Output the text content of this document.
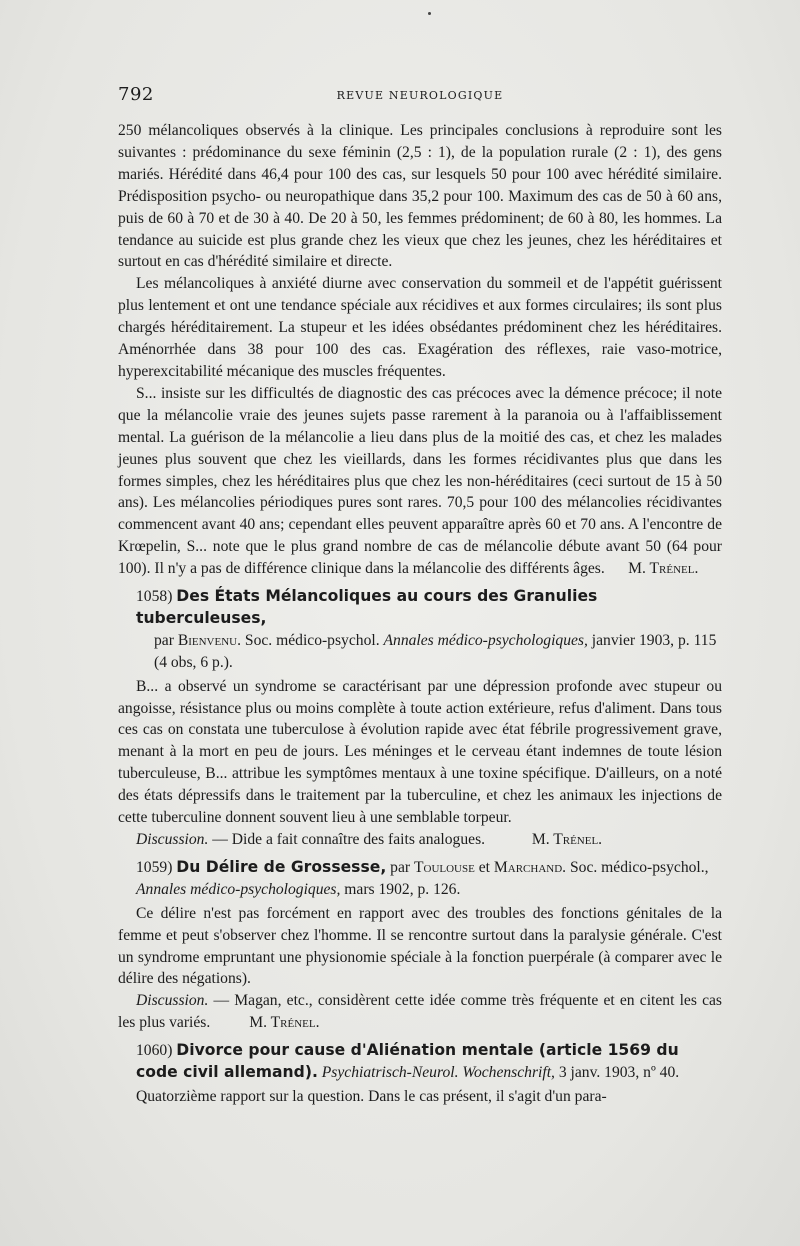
792	REVUE NEUROLOGIQUE

250 mélancoliques observés à la clinique. Les principales conclusions à reproduire sont les suivantes : prédominance du sexe féminin (2,5 : 1), de la population rurale (2 : 1), des gens mariés. Hérédité dans 46,4 pour 100 des cas, sur lesquels 50 pour 100 avec hérédité similaire. Prédisposition psycho- ou neuropathique dans 35,2 pour 100. Maximum des cas de 50 à 60 ans, puis de 60 à 70 et de 30 à 40. De 20 à 50, les femmes prédominent; de 60 à 80, les hommes. La tendance au suicide est plus grande chez les vieux que chez les jeunes, chez les héréditaires et surtout en cas d'hérédité similaire et directe.

Les mélancoliques à anxiété diurne avec conservation du sommeil et de l'appétit guérissent plus lentement et ont une tendance spéciale aux récidives et aux formes circulaires; ils sont plus chargés héréditairement. La stupeur et les idées obsédantes prédominent chez les héréditaires. Aménorrhée dans 38 pour 100 des cas. Exagération des réflexes, raie vaso-motrice, hyperexcitabilité mécanique des muscles fréquentes.

S... insiste sur les difficultés de diagnostic des cas précoces avec la démence précoce; il note que la mélancolie vraie des jeunes sujets passe rarement à la paranoia ou à l'affaiblissement mental. La guérison de la mélancolie a lieu dans plus de la moitié des cas, et chez les malades jeunes plus souvent que chez les vieillards, dans les formes récidivantes plus que dans les formes simples, chez les héréditaires plus que chez les non-héréditaires (ceci surtout de 15 à 50 ans). Les mélancolies périodiques pures sont rares. 70,5 pour 100 des mélancolies récidivantes commencent avant 40 ans; cependant elles peuvent apparaître après 60 et 70 ans. A l'encontre de Krœpelin, S... note que le plus grand nombre de cas de mélancolie débute avant 50 (64 pour 100). Il n'y a pas de différence clinique dans la mélancolie des différents âges. M. Trénel.

1058) Des États Mélancoliques au cours des Granulies tuberculeuses,
par Bienvenu. Soc. médico-psychol. Annales médico-psychologiques, janvier 1903, p. 115 (4 obs, 6 p.).

B... a observé un syndrome se caractérisant par une dépression profonde avec stupeur ou angoisse, résistance plus ou moins complète à toute action extérieure, refus d'aliment. Dans tous ces cas on constata une tuberculose à évolution rapide avec état fébrile progressivement grave, menant à la mort en peu de jours. Les méninges et le cerveau étant indemnes de toute lésion tuberculeuse, B... attribue les symptômes mentaux à une toxine spécifique. D'ailleurs, on a noté des états dépressifs dans le traitement par la tuberculine, et chez les animaux les injections de cette tuberculine donnent souvent lieu à une semblable torpeur.

Discussion. — Dide a fait connaître des faits analogues.	M. Trénel.

1059) Du Délire de Grossesse, par Toulouse et Marchand. Soc. médico-psychol., Annales médico-psychologiques, mars 1902, p. 126.

Ce délire n'est pas forcément en rapport avec des troubles des fonctions génitales de la femme et peut s'observer chez l'homme. Il se rencontre surtout dans la paralysie générale. C'est un syndrome empruntant une physionomie spéciale à la fonction puerpérale (à comparer avec le délire des négations).

Discussion. — Magan, etc., considèrent cette idée comme très fréquente et en citent les cas les plus variés. M. Trénel.

1060) Divorce pour cause d'Aliénation mentale (article 1569 du code civil allemand). Psychiatrisch-Neurol. Wochenschrift, 3 janv. 1903, nº 40.

Quatorzième rapport sur la question. Dans le cas présent, il s'agit d'un para-
